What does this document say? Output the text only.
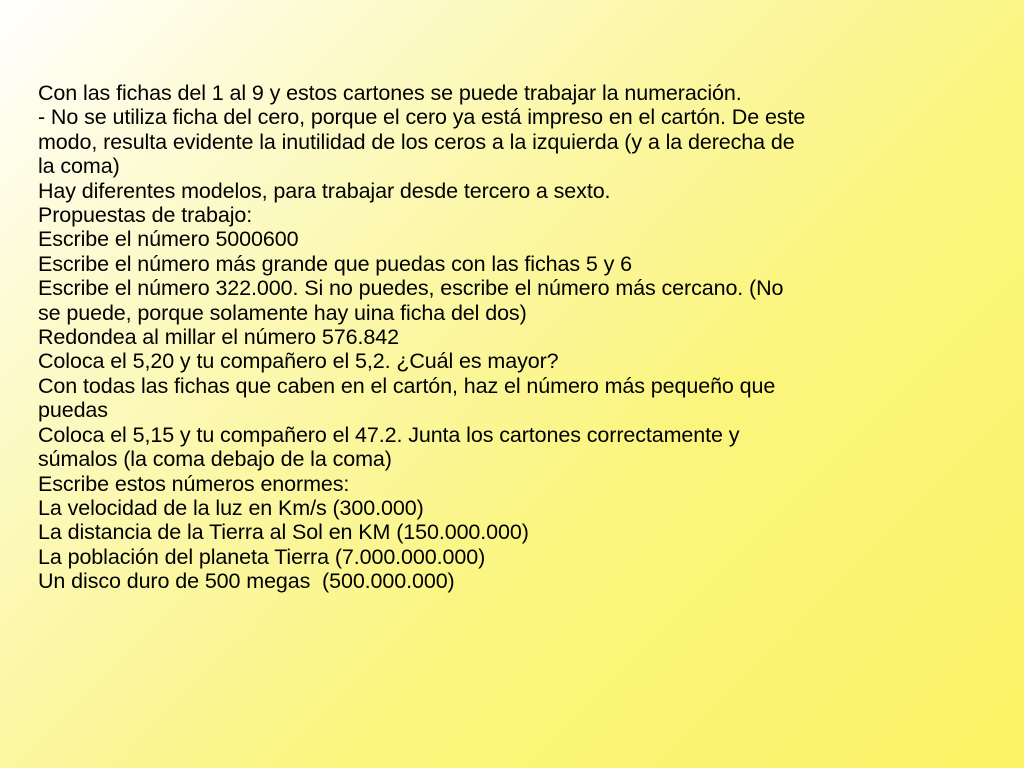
Con las fichas del 1 al 9 y estos cartones se puede trabajar la numeración.
- No se utiliza ficha del cero, porque el cero ya está impreso en el cartón. De este
modo, resulta evidente la inutilidad de los ceros a la izquierda (y a la derecha de
la coma)
Hay diferentes modelos, para trabajar desde tercero a sexto.
Propuestas de trabajo:
Escribe el número 5000600
Escribe el número más grande que puedas con las fichas 5 y 6
Escribe el número 322.000. Si no puedes, escribe el número más cercano. (No
se puede, porque solamente hay uina ficha del dos)
Redondea al millar el número 576.842
Coloca el 5,20 y tu compañero el 5,2. ¿Cuál es mayor?
Con todas las fichas que caben en el cartón, haz el número más pequeño que
puedas
Coloca el 5,15 y tu compañero el 47.2. Junta los cartones correctamente y
súmalos (la coma debajo de la coma)
Escribe estos números enormes:
La velocidad de la luz en Km/s (300.000)
La distancia de la Tierra al Sol en KM (150.000.000)
La población del planeta Tierra (7.000.000.000)
Un disco duro de 500 megas  (500.000.000)
